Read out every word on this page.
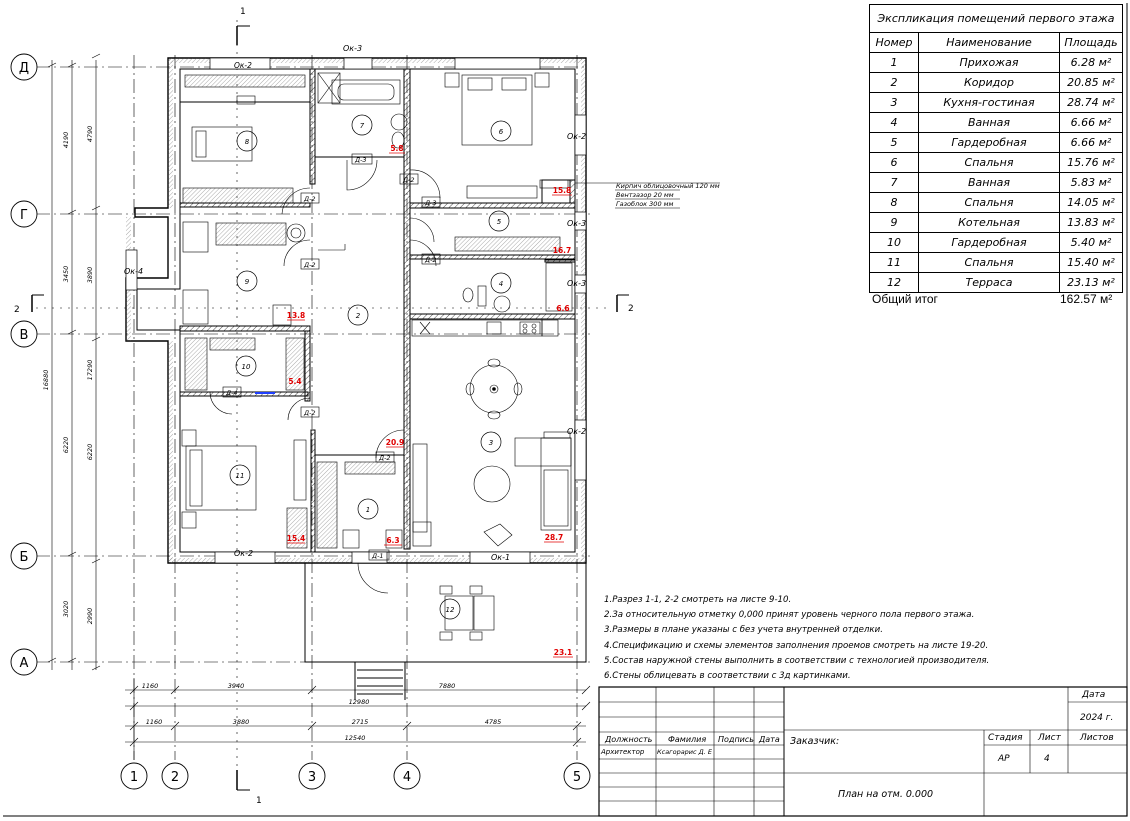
1
2
3
4
5
6
7
8
9
10
11
12
5.8
15.8
16.7
6.6
13.8
5.4
20.9
15.4	6.3	28.7
23.1
Ок-3
Ок-2
Ок-2
Ок-2
Ок-3
Ок-3
Ок-4
Ок-2	Ок-1
Д-3
Д-2
Д-2
Д-3
Д-2
Д-2
Д-2
Д-4
Д-1
Д-2
Кирпич облицовочный 120 мм
Вентзазор 20 мм
Газоблок 300 мм
Д
Г
В
Б
А
1	2	3	4	5
1
1
2	2
4190
3450
6220
3020
4790
3890
6220
2990
16880	17290
1160	3940	7880
12980
1160	3880	2715	4785
12540
Экспликация помещений первого этажа		
Номер	Наименование	Площадь
1	Прихожая	6.28 м²
2	Коридор	20.85 м²
3	Кухня-гостиная	28.74 м²
4	Ванная	6.66 м²
5	Гардеробная	6.66 м²
6	Спальня	15.76 м²
7	Ванная	5.83 м²
8	Спальня	14.05 м²
9	Котельная	13.83 м²
10	Гардеробная	5.40 м²
11	Спальня	15.40 м²
12	Терраса	23.13 м²
Общий итог	162.57 м²
1.Разрез 1-1, 2-2 смотреть на листе 9-10.
2.За относительную отметку 0,000 принят уровень черного пола первого этажа.
3.Размеры в плане указаны с без учета внутренней отделки.
4.Спецификацию и схемы элементов заполнения проемов смотреть на листе 19-20.
5.Состав наружной стены выполнить в соответствии с технологией производителя.
6.Стены облицевать в соответствии с 3д картинками.
Дата
2024 г.
Должность Фамилия Подпись Дата
Архитектор Ксагорарис Д. Е
Заказчик:	Стадия Лист Листов
АР	4
План на отм. 0.000
